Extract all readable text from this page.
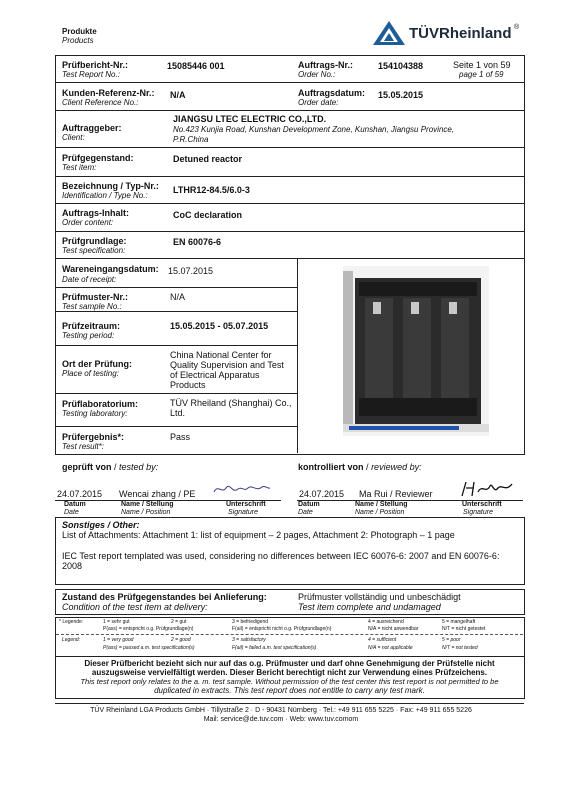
Produkte
Products	TÜVRheinland ®
Prüfbericht-Nr.:
Test Report No.:
15085446 001	Auftrags-Nr.:
Order No.:
154104388	Seite 1 von 59
page 1 of 59
Kunden-Referenz-Nr.:
Client Reference No.:
N/A	Auftragsdatum:
Order date:
15.05.2015
Auftraggeber:
Client:
JIANGSU LTEC ELECTRIC CO.,LTD.
No.423 Kunjia Road, Kunshan Development Zone, Kunshan, Jiangsu Province,
P.R.China
Prüfgegenstand:
Test item:
Detuned reactor
Bezeichnung / Typ-Nr.:
Identification / Type No.:
LTHR12-84.5/6.0-3
Auftrags-Inhalt:
Order content:
CoC declaration
Prüfgrundlage:
Test specification:
EN 60076-6
Wareneingangsdatum:
Date of receipt:
15.07.2015
Prüfmuster-Nr.:
Test sample No.:
N/A
Prüfzeitraum:
Testing period:
15.05.2015 - 05.07.2015
Ort der Prüfung:
Place of testing:
China National Center for
Quality Supervision and Test
of Electrical Apparatus
Products
Prüflaboratorium:
Testing laboratory:
TÜV Rheiland (Shanghai) Co.,
Ltd.
Prüfergebnis*:
Test result*:
Pass
geprüft von / tested by:	kontrolliert von / reviewed by:
24.07.2015 Wencai zhang / PE	24.07.2015 Ma Rui / Reviewer
Datum
Date
Name / Stellung
Name / Position
Unterschrift
Signature
Datum
Date
Name / Stellung
Name / Position
Unterschrift
Signature
Sonstiges / Other:
List of Attachments: Attachment 1: list of equipment – 2 pages, Attachment 2: Photograph – 1 page
IEC Test report templated was used, considering no differences between IEC 60076-6: 2007 and EN 60076-6: 2008
Zustand des Prüfgegenstandes bei Anlieferung:
Condition of the test item at delivery:
Prüfmuster vollständig und unbeschädigt
Test item complete and undamaged
* Legende:	1 = sehr gut	2 = gut	3 = befriedigend	4 = ausreichend	5 = mangelhaft
P(ass) = entspricht o.g. Prüfgrundlage(n)	F(ail) = entspricht nicht o.g. Prüfgrundlage(n)	N/A = nicht anwendbar	N/T = nicht getestet
Legend:	1 = very good	2 = good	3 = satisfactory	4 = sufficient	5 = poor
P(ass) = passed a.m. test specification(s)	F(ail) = failed a.m. test specification(s)	N/A = not applicable	N/T = not tested
Dieser Prüfbericht bezieht sich nur auf das o.g. Prüfmuster und darf ohne Genehmigung der Prüfstelle nicht
auszugsweise vervielfältigt werden. Dieser Bericht berechtigt nicht zur Verwendung eines Prüfzeichens.
This test report only relates to the a. m. test sample. Without permission of the test center this test report is not permitted to be
duplicated in extracts. This test report does not entitle to carry any test mark.
TÜV Rheinland LGA Products GmbH · Tillystraße 2 · D - 90431 Nürnberg · Tel.: +49 911 655 5225 · Fax: +49 911 655 5226
Mail: service@de.tuv.com · Web: www.tuv.comom
